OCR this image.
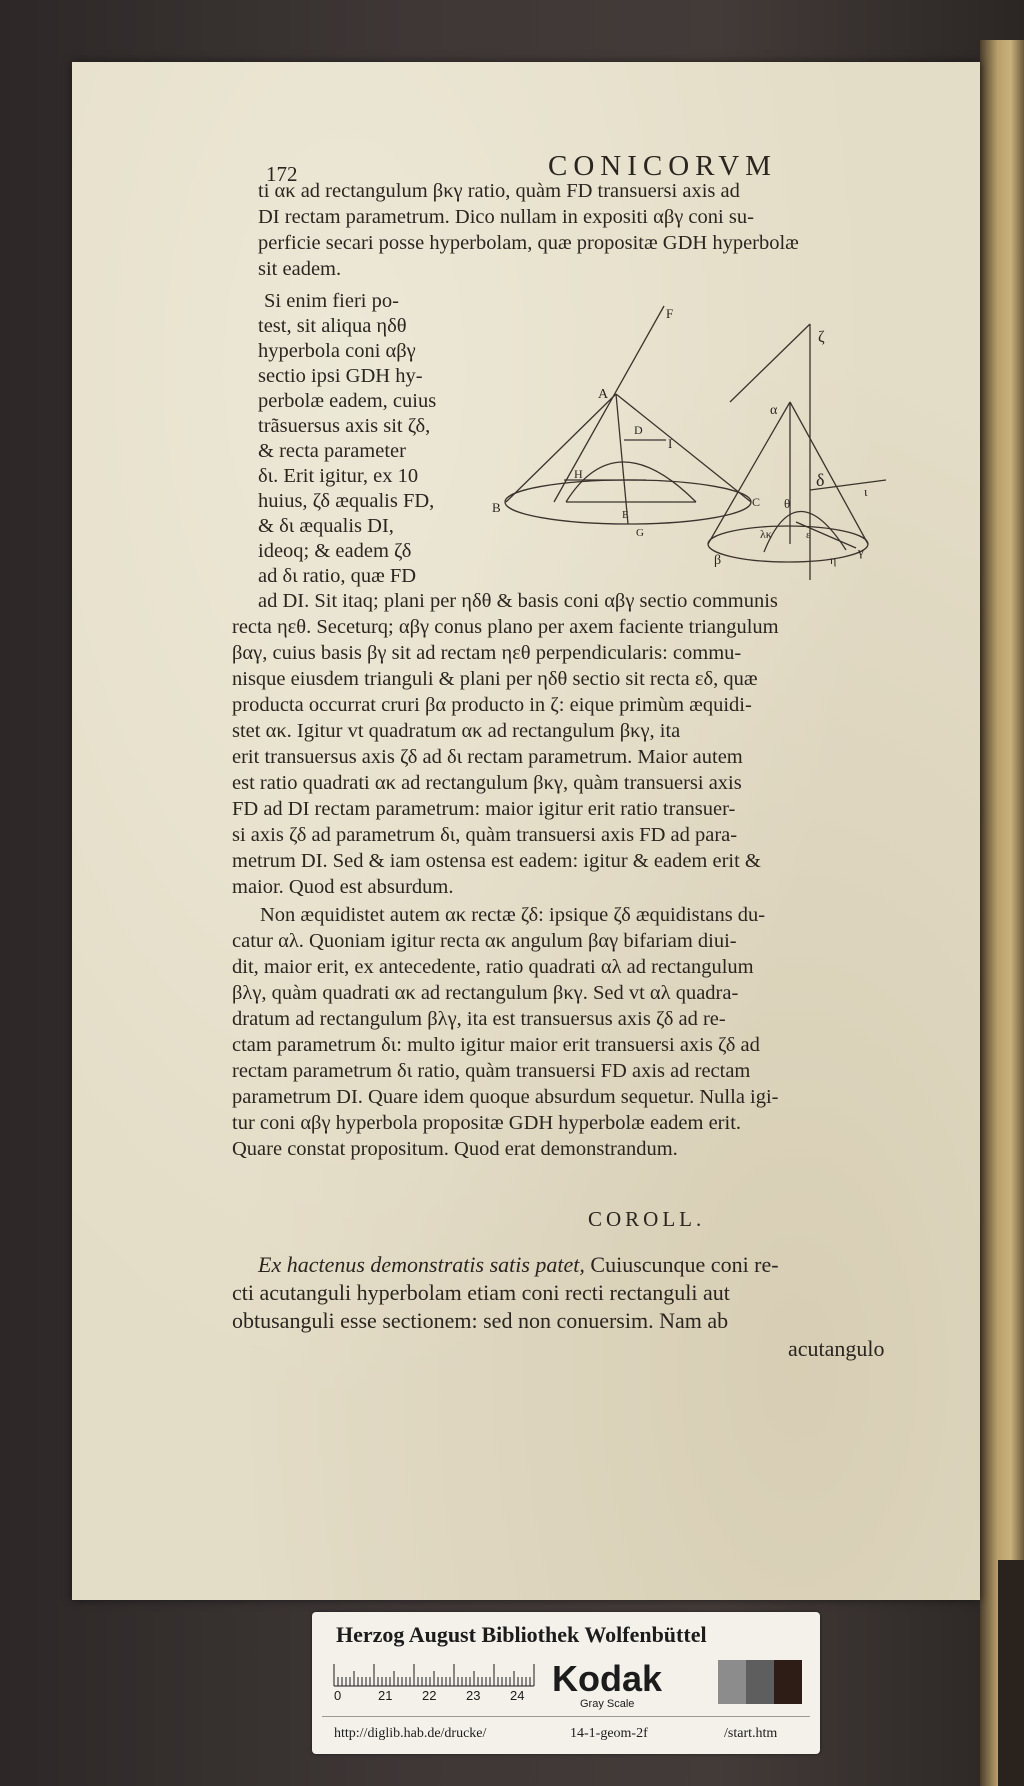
172	CONICORVM
ti ακ ad rectangulum βκγ ratio, quàm FD transuersi axis ad
DI rectam parametrum. Dico nullam in expositi αβγ coni su-
perficie secari posse hyperbolam, quæ propositæ GDH hyperbolæ
sit eadem.
Si enim fieri po-
test, sit aliqua ηδθ
hyperbola coni αβγ
sectio ipsi GDH hy-
perbolæ eadem, cuius
trãsuersus axis sit ζδ,
& recta parameter
δι. Erit igitur, ex 10
huius, ζδ æqualis FD,
& δι æqualis DI,
ideoq; & eadem ζδ
ad δι ratio, quæ FD
F
A
D
I
H
B	C
E
G
ζ
α
δ
θ
ι
β
λκ	ε
γ
η
ad DI. Sit itaq; plani per ηδθ & basis coni αβγ sectio communis
recta ηεθ. Seceturq; αβγ conus plano per axem faciente triangulum
βαγ, cuius basis βγ sit ad rectam ηεθ perpendicularis: commu-
nisque eiusdem trianguli & plani per ηδθ sectio sit recta εδ, quæ
producta occurrat cruri βα producto in ζ: eique primùm æquidi-
stet ακ. Igitur vt quadratum ακ ad rectangulum βκγ, ita
erit transuersus axis ζδ ad δι rectam parametrum. Maior autem
est ratio quadrati ακ ad rectangulum βκγ, quàm transuersi axis
FD ad DI rectam parametrum: maior igitur erit ratio transuer-
si axis ζδ ad parametrum δι, quàm transuersi axis FD ad para-
metrum DI. Sed & iam ostensa est eadem: igitur & eadem erit &
maior. Quod est absurdum.
Non æquidistet autem ακ rectæ ζδ: ipsique ζδ æquidistans du-
catur αλ. Quoniam igitur recta ακ angulum βαγ bifariam diui-
dit, maior erit, ex antecedente, ratio quadrati αλ ad rectangulum
βλγ, quàm quadrati ακ ad rectangulum βκγ. Sed vt αλ quadra-
dratum ad rectangulum βλγ, ita est transuersus axis ζδ ad re-
ctam parametrum δι: multo igitur maior erit transuersi axis ζδ ad
rectam parametrum δι ratio, quàm transuersi FD axis ad rectam
parametrum DI. Quare idem quoque absurdum sequetur. Nulla igi-
tur coni αβγ hyperbola propositæ GDH hyperbolæ eadem erit.
Quare constat propositum. Quod erat demonstrandum.
COROLL.
Ex hactenus demonstratis satis patet, Cuiuscunque coni re-
cti acutanguli hyperbolam etiam coni recti rectanguli aut
obtusanguli esse sectionem: sed non conuersim. Nam ab
acutangulo
Herzog August Bibliothek Wolfenbüttel
0	21 22 23 24 Kodak
Gray Scale
http://diglib.hab.de/drucke/	14-1-geom-2f	/start.htm
